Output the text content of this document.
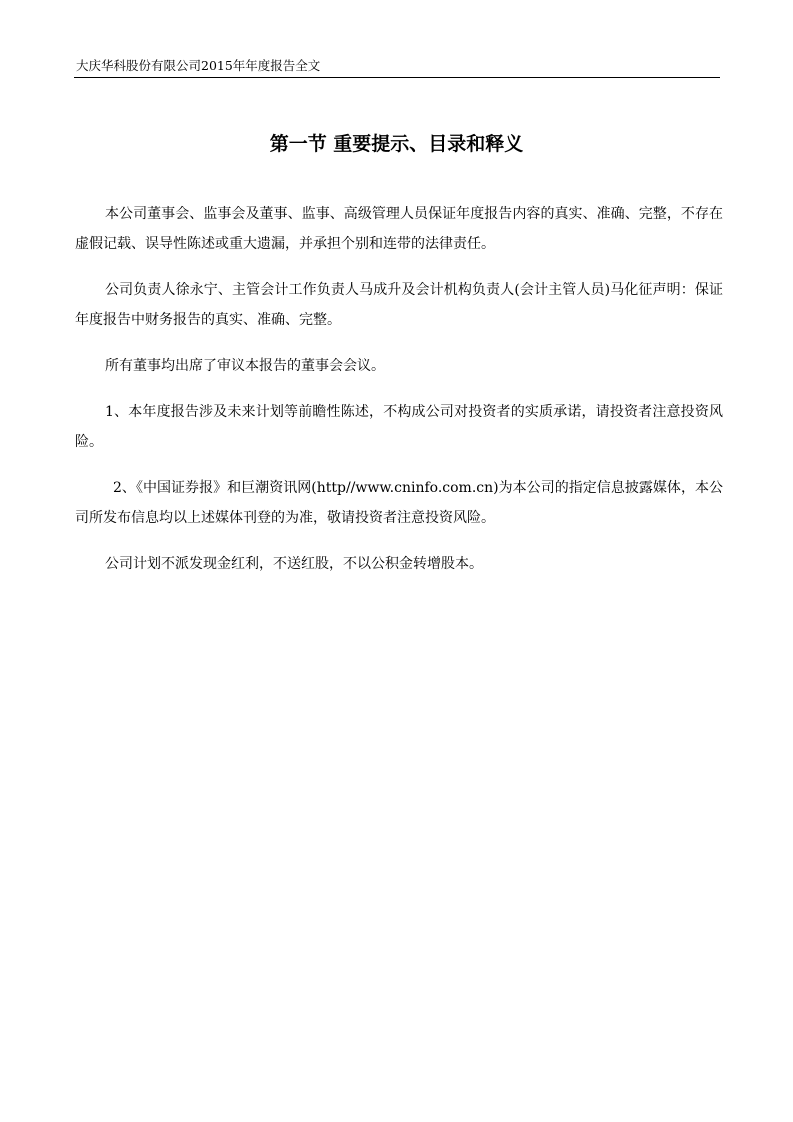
大庆华科股份有限公司2015年年度报告全文
第一节 重要提示、目录和释义

本公司董事会、监事会及董事、监事、高级管理人员保证年度报告内容的真实、准确、完整，不存在虚假记载、误导性陈述或重大遗漏，并承担个别和连带的法律责任。

公司负责人徐永宁、主管会计工作负责人马成升及会计机构负责人(会计主管人员)马化征声明：保证年度报告中财务报告的真实、准确、完整。

所有董事均出席了审议本报告的董事会会议。

1、本年度报告涉及未来计划等前瞻性陈述，不构成公司对投资者的实质承诺，请投资者注意投资风险。

2、《中国证券报》和巨潮资讯网(http//www.cninfo.com.cn)为本公司的指定信息披露媒体，本公司所发布信息均以上述媒体刊登的为准，敬请投资者注意投资风险。

公司计划不派发现金红利，不送红股，不以公积金转增股本。
